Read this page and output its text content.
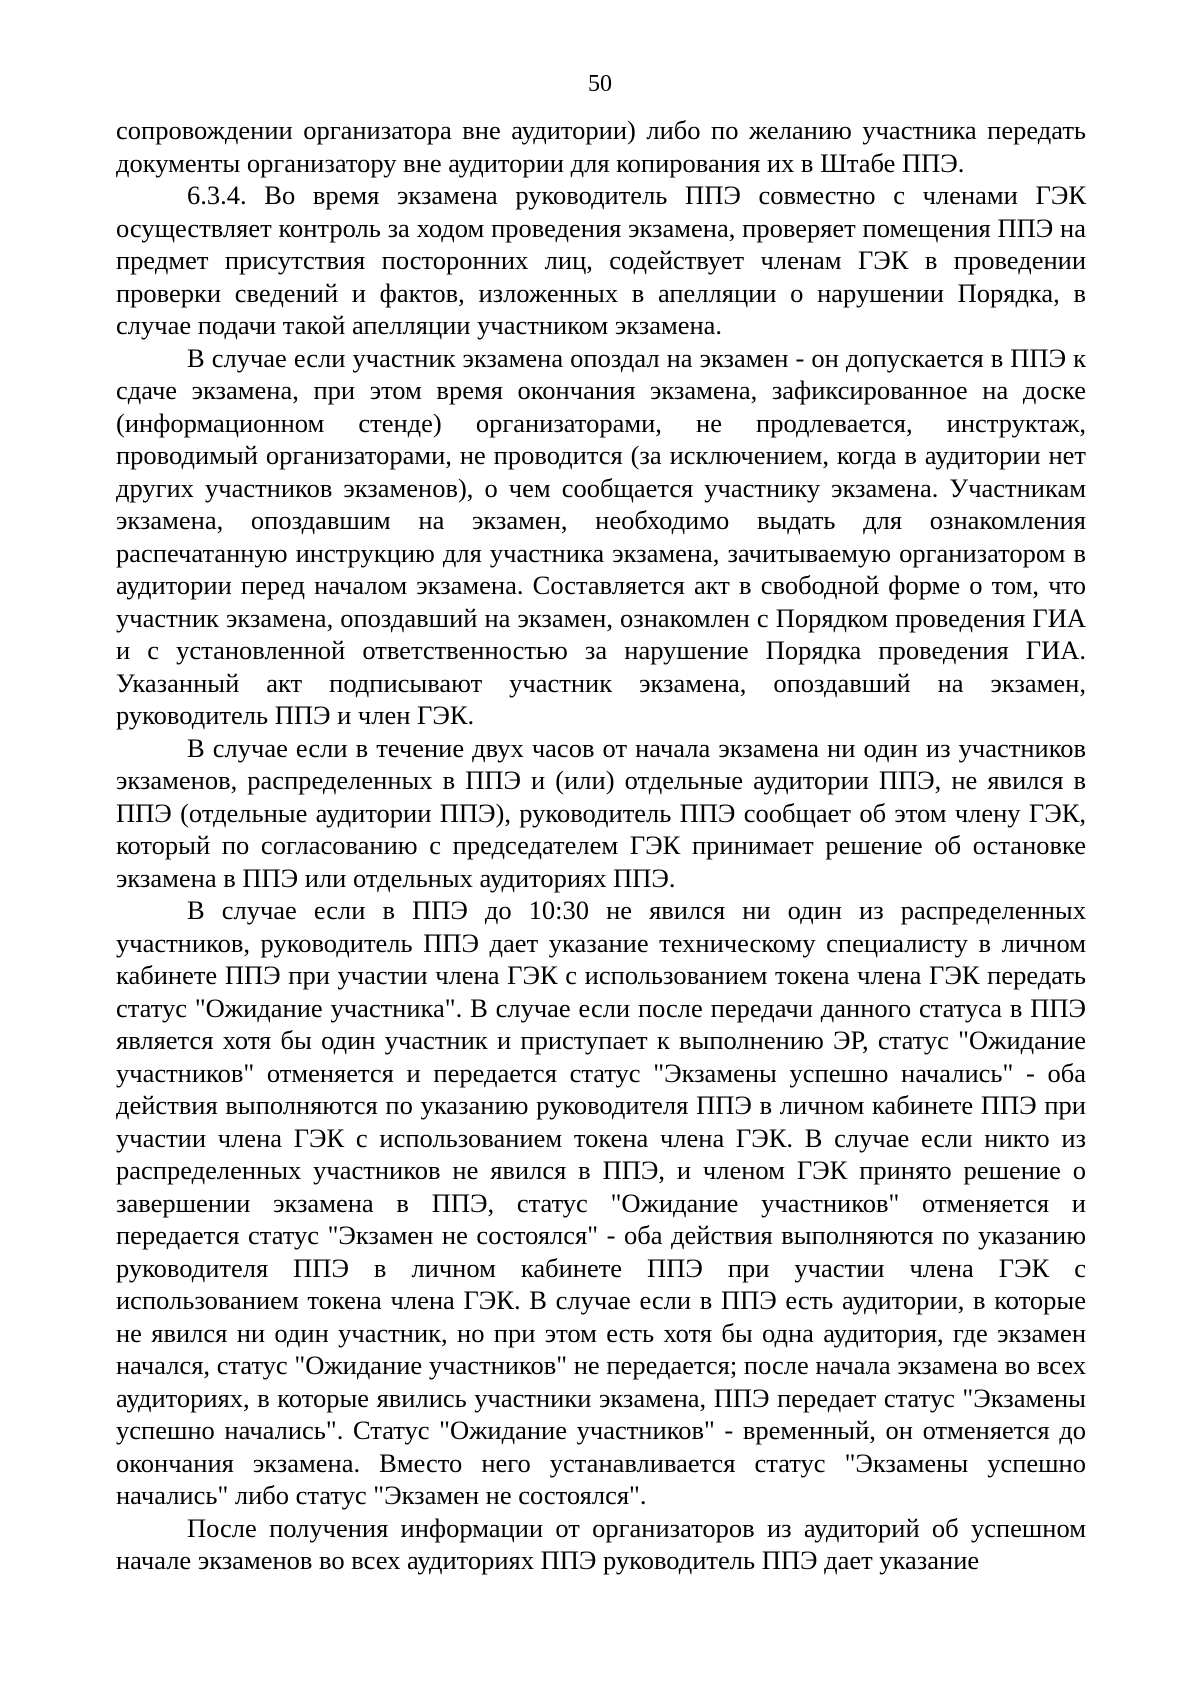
50

сопровождении организатора вне аудитории) либо по желанию участника передать документы организатору вне аудитории для копирования их в Штабе ППЭ.

6.3.4. Во время экзамена руководитель ППЭ совместно с членами ГЭК осуществляет контроль за ходом проведения экзамена, проверяет помещения ППЭ на предмет присутствия посторонних лиц, содействует членам ГЭК в проведении проверки сведений и фактов, изложенных в апелляции о нарушении Порядка, в случае подачи такой апелляции участником экзамена.

В случае если участник экзамена опоздал на экзамен - он допускается в ППЭ к сдаче экзамена, при этом время окончания экзамена, зафиксированное на доске (информационном стенде) организаторами, не продлевается, инструктаж, проводимый организаторами, не проводится (за исключением, когда в аудитории нет других участников экзаменов), о чем сообщается участнику экзамена. Участникам экзамена, опоздавшим на экзамен, необходимо выдать для ознакомления распечатанную инструкцию для участника экзамена, зачитываемую организатором в аудитории перед началом экзамена. Составляется акт в свободной форме о том, что участник экзамена, опоздавший на экзамен, ознакомлен с Порядком проведения ГИА и с установленной ответственностью за нарушение Порядка проведения ГИА. Указанный акт подписывают участник экзамена, опоздавший на экзамен, руководитель ППЭ и член ГЭК.

В случае если в течение двух часов от начала экзамена ни один из участников экзаменов, распределенных в ППЭ и (или) отдельные аудитории ППЭ, не явился в ППЭ (отдельные аудитории ППЭ), руководитель ППЭ сообщает об этом члену ГЭК, который по согласованию с председателем ГЭК принимает решение об остановке экзамена в ППЭ или отдельных аудиториях ППЭ.

В случае если в ППЭ до 10:30 не явился ни один из распределенных участников, руководитель ППЭ дает указание техническому специалисту в личном кабинете ППЭ при участии члена ГЭК с использованием токена члена ГЭК передать статус "Ожидание участника". В случае если после передачи данного статуса в ППЭ является хотя бы один участник и приступает к выполнению ЭР, статус "Ожидание участников" отменяется и передается статус "Экзамены успешно начались" - оба действия выполняются по указанию руководителя ППЭ в личном кабинете ППЭ при участии члена ГЭК с использованием токена члена ГЭК. В случае если никто из распределенных участников не явился в ППЭ, и членом ГЭК принято решение о завершении экзамена в ППЭ, статус "Ожидание участников" отменяется и передается статус "Экзамен не состоялся" - оба действия выполняются по указанию руководителя ППЭ в личном кабинете ППЭ при участии члена ГЭК с использованием токена члена ГЭК. В случае если в ППЭ есть аудитории, в которые не явился ни один участник, но при этом есть хотя бы одна аудитория, где экзамен начался, статус "Ожидание участников" не передается; после начала экзамена во всех аудиториях, в которые явились участники экзамена, ППЭ передает статус "Экзамены успешно начались". Статус "Ожидание участников" - временный, он отменяется до окончания экзамена. Вместо него устанавливается статус "Экзамены успешно начались" либо статус "Экзамен не состоялся".

После получения информации от организаторов из аудиторий об успешном начале экзаменов во всех аудиториях ППЭ руководитель ППЭ дает указание
